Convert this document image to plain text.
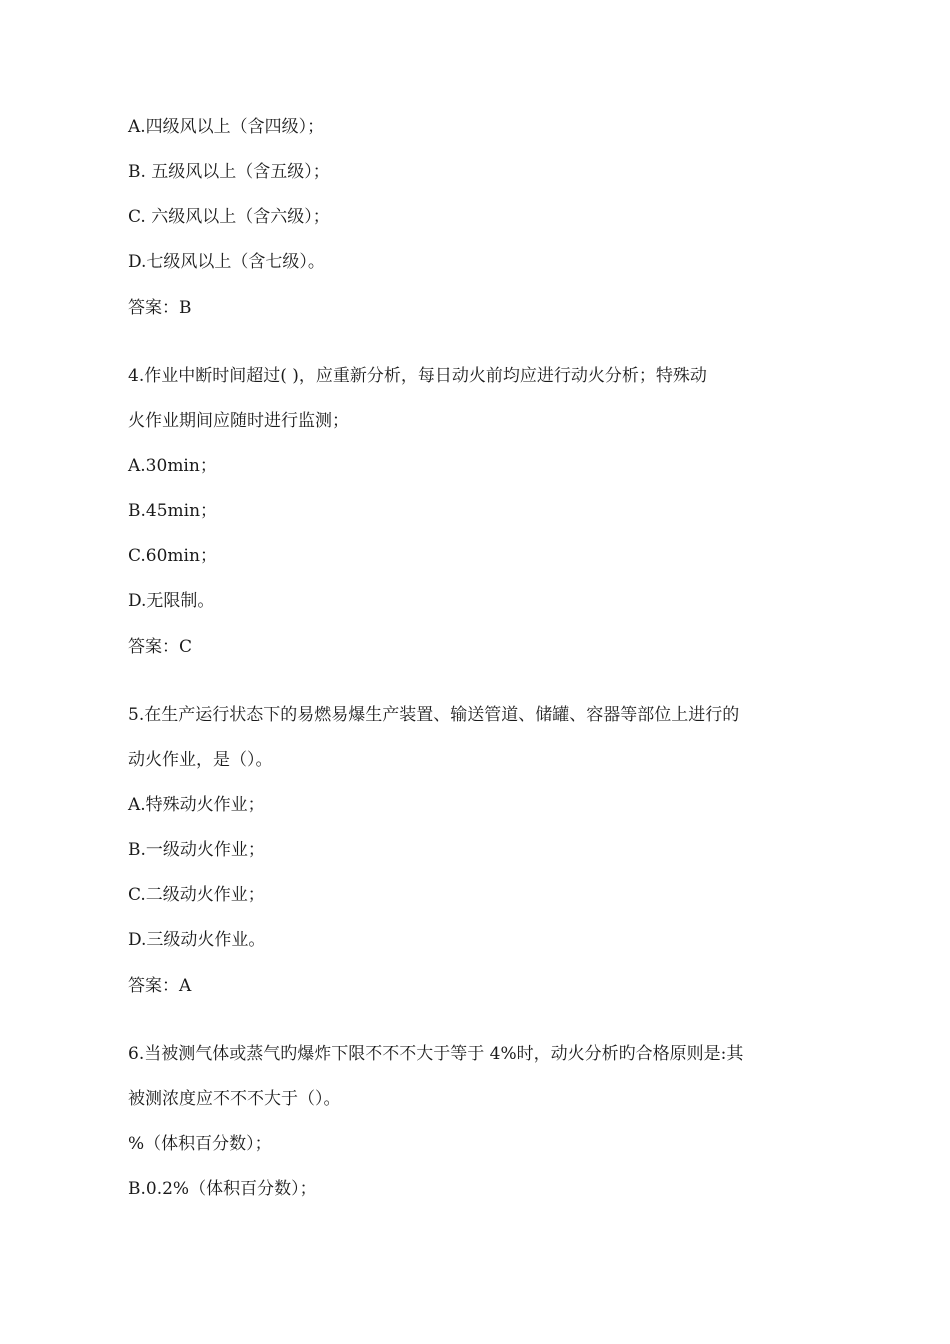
A.四级风以上（含四级）；
B. 五级风以上（含五级）；
C. 六级风以上（含六级）；
D.七级风以上（含七级）。
答案：B
4.作业中断时间超过( )，应重新分析，每日动火前均应进行动火分析；特殊动
火作业期间应随时进行监测；
A.30min；
B.45min；
C.60min；
D.无限制。
答案：C
5.在生产运行状态下的易燃易爆生产装置、输送管道、储罐、容器等部位上进行的
动火作业，是（）。
A.特殊动火作业；
B.一级动火作业；
C.二级动火作业；
D.三级动火作业。
答案：A
6.当被测气体或蒸气旳爆炸下限不不不大于等于 4%时，动火分析旳合格原则是:其
被测浓度应不不不大于（）。
%（体积百分数）；
B.0.2%（体积百分数）；
